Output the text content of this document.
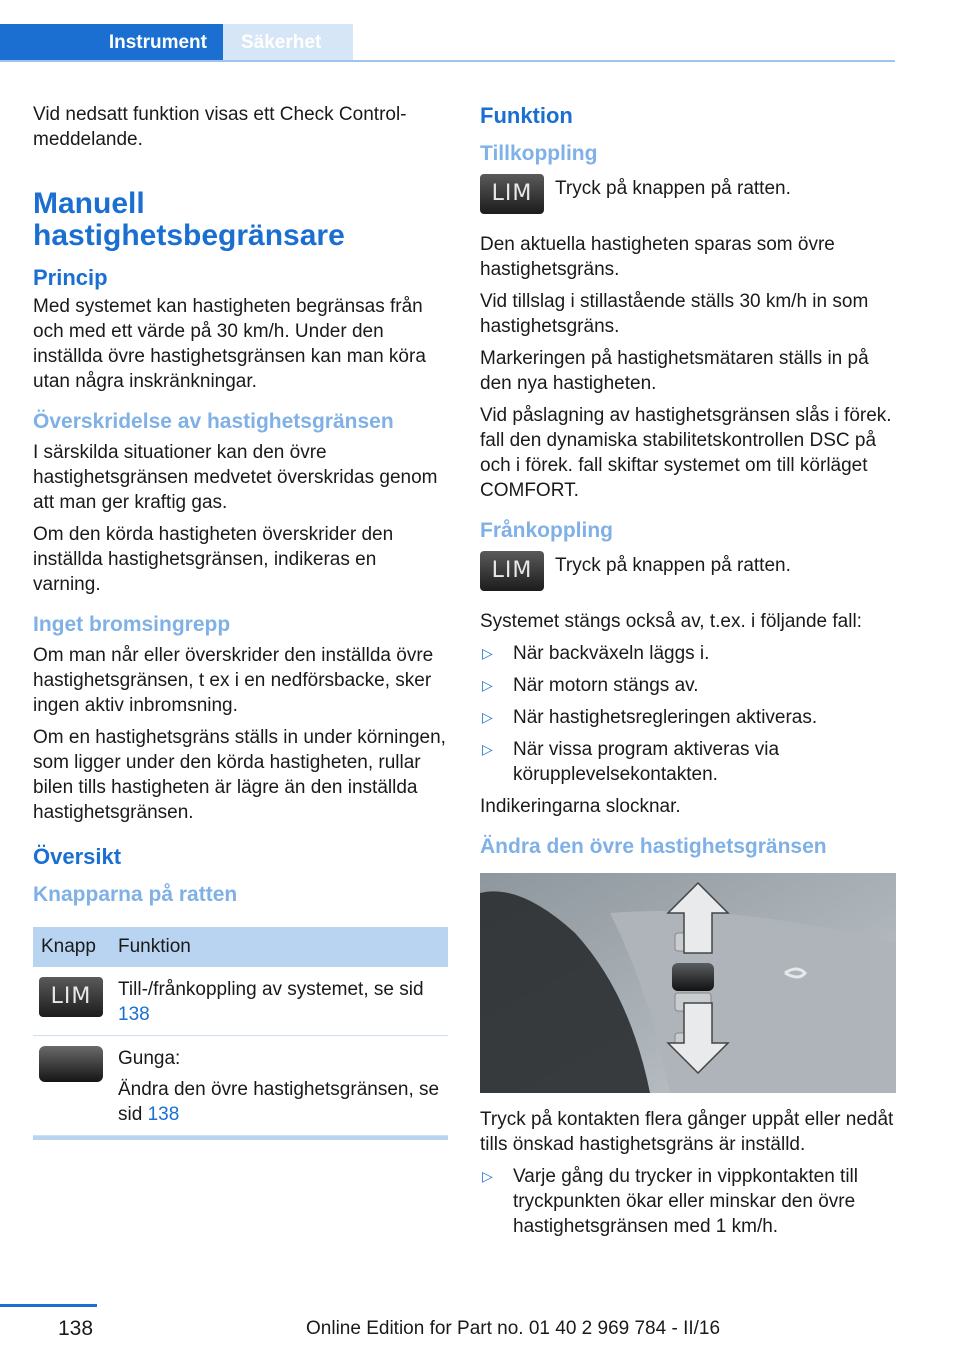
Instrument Säkerhet

Vid nedsatt funktion visas ett Check Control-meddelande.

Manuell hastighetsbegränsare
Princip

Med systemet kan hastigheten begränsas från och med ett värde på 30 km/h. Under den inställda övre hastighetsgränsen kan man köra utan några inskränkningar.

Överskridelse av hastighetsgränsen

I särskilda situationer kan den övre hastighetsgränsen medvetet överskridas genom att man ger kraftig gas.

Om den körda hastigheten överskrider den inställda hastighetsgränsen, indikeras en varning.

Inget bromsingrepp

Om man når eller överskrider den inställda övre hastighetsgränsen, t ex i en nedförsbacke, sker ingen aktiv inbromsning.

Om en hastighetsgräns ställs in under körningen, som ligger under den körda hastigheten, rullar bilen tills hastigheten är lägre än den inställda hastighetsgränsen.

Översikt
Knapparna på ratten
Knapp	Funktion
LIM	Till-/frånkoppling av systemet, se sid 138

	Gunga:

Ändra den övre hastighetsgränsen, se sid 138

Funktion
Tillkoppling
LIM	Tryck på knappen på ratten.

Den aktuella hastigheten sparas som övre hastighetsgräns.

Vid tillslag i stillastående ställs 30 km/h in som hastighetsgräns.

Markeringen på hastighetsmätaren ställs in på den nya hastigheten.

Vid påslagning av hastighetsgränsen slås i förek. fall den dynamiska stabilitetskontrollen DSC på och i förek. fall skiftar systemet om till körläget COMFORT.

Frånkoppling
LIM	Tryck på knappen på ratten.

Systemet stängs också av, t.ex. i följande fall:

▷ När backväxeln läggs i.
▷ När motorn stängs av.
▷ När hastighetsregleringen aktiveras.
▷ När vissa program aktiveras via körupplevelsekontakten.

Indikeringarna slocknar.

Ändra den övre hastighetsgränsen

Tryck på kontakten flera gånger uppåt eller nedåt tills önskad hastighetsgräns är inställd.

▷ Varje gång du trycker in vippkontakten till tryckpunkten ökar eller minskar den övre hastighetsgränsen med 1 km/h.
138	Online Edition for Part no. 01 40 2 969 784 - II/16
